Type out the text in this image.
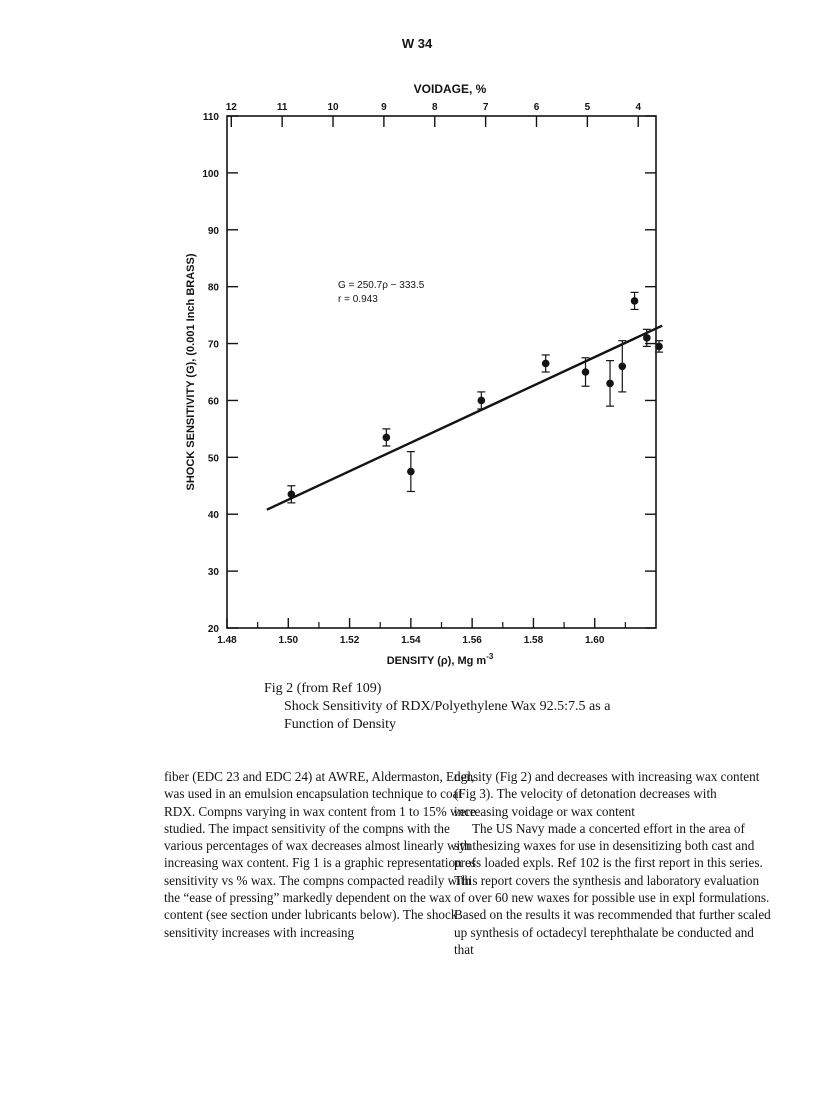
W 34
1.48	1.50	1.52	1.54	1.56	1.58	1.60
12	11	10	9	8	7	6	5	4
20
30
40
50
60
70
80
90
100
110
VOIDAGE, %
SHOCK SENSITIVITY (G), (0.001 Inch BRASS)
DENSITY (ρ), Mg $m^{-3}$
G = 250.7ρ − 333.5
r = 0.943
Fig 2 (from Ref 109)
Shock Sensitivity of RDX/Polyethylene Wax 92.5:7.5 as a
Function of Density

fiber (EDC 23 and EDC 24) at AWRE, Aldermaston, Engl, was used in an emulsion encapsulation technique to coat RDX. Compns varying in wax content from 1 to 15% were studied. The impact sensitivity of the compns with the various percentages of wax decreases almost linearly with increasing wax content. Fig 1 is a graphic representation of sensitivity vs % wax. The compns compacted readily with the “ease of pressing” markedly dependent on the wax content (see section under lubricants below). The shock sensitivity increases with increasing

density (Fig 2) and decreases with increasing wax content (Fig 3). The velocity of detonation decreases with increasing voidage or wax content

The US Navy made a concerted effort in the area of synthesizing waxes for use in desensitizing both cast and press loaded expls. Ref 102 is the first report in this series. This report covers the synthesis and laboratory evaluation of over 60 new waxes for possible use in expl formulations. Based on the results it was recommended that further scaled up synthesis of octadecyl terephthalate be conducted and that
